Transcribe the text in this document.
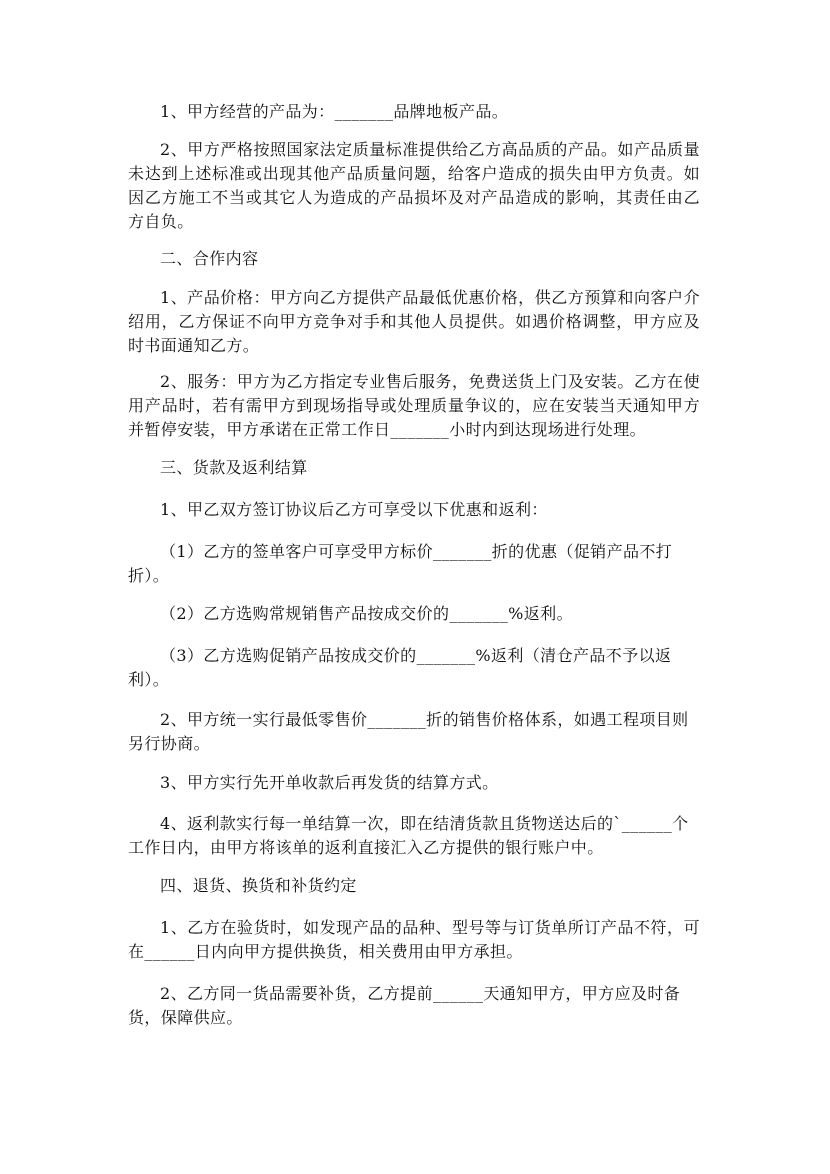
1、甲方经营的产品为：_______品牌地板产品。
2、甲方严格按照国家法定质量标准提供给乙方高品质的产品。如产品质量
未达到上述标准或出现其他产品质量问题，给客户造成的损失由甲方负责。如
因乙方施工不当或其它人为造成的产品损坏及对产品造成的影响，其责任由乙
方自负。
二、合作内容
1、产品价格：甲方向乙方提供产品最低优惠价格，供乙方预算和向客户介
绍用，乙方保证不向甲方竞争对手和其他人员提供。如遇价格调整，甲方应及
时书面通知乙方。
2、服务：甲方为乙方指定专业售后服务，免费送货上门及安装。乙方在使
用产品时，若有需甲方到现场指导或处理质量争议的，应在安装当天通知甲方
并暂停安装，甲方承诺在正常工作日_______小时内到达现场进行处理。
三、货款及返利结算
1、甲乙双方签订协议后乙方可享受以下优惠和返利：
（1）乙方的签单客户可享受甲方标价_______折的优惠（促销产品不打
折）。
（2）乙方选购常规销售产品按成交价的_______%返利。
（3）乙方选购促销产品按成交价的_______%返利（清仓产品不予以返
利）。
2、甲方统一实行最低零售价_______折的销售价格体系，如遇工程项目则
另行协商。
3、甲方实行先开单收款后再发货的结算方式。
4、返利款实行每一单结算一次，即在结清货款且货物送达后的`______个
工作日内，由甲方将该单的返利直接汇入乙方提供的银行账户中。
四、退货、换货和补货约定
1、乙方在验货时，如发现产品的品种、型号等与订货单所订产品不符，可
在______日内向甲方提供换货，相关费用由甲方承担。
2、乙方同一货品需要补货，乙方提前______天通知甲方，甲方应及时备
货，保障供应。
